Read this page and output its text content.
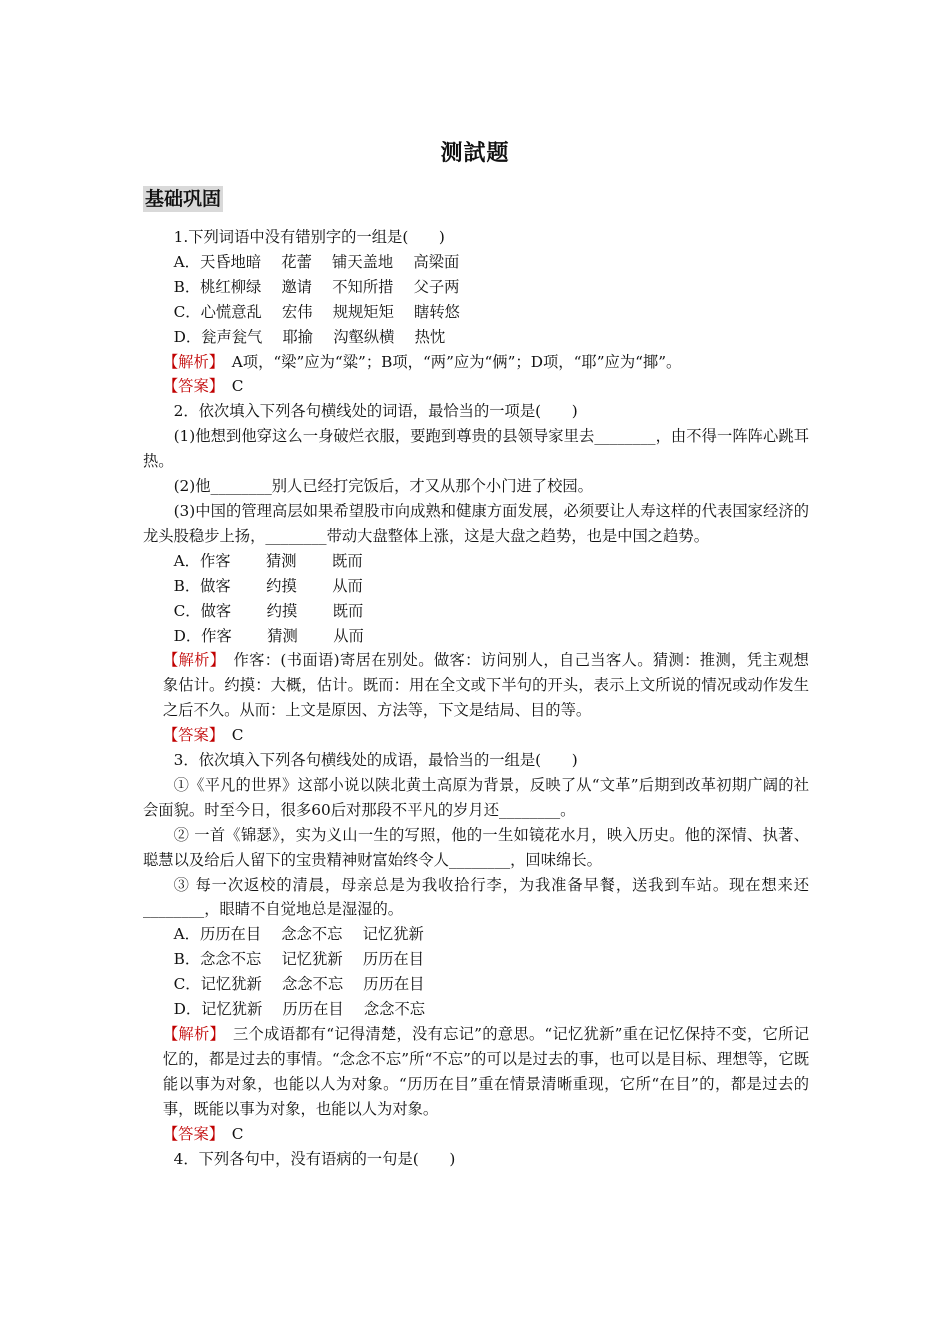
测試题
基础巩固

1.下列词语中没有错别字的一组是(　　)

A．天昏地暗　 花蕾　 铺天盖地　 高梁面

B．桃红柳绿　 邀请　 不知所措　 父子两

C．心慌意乱　 宏伟　 规规矩矩　 瞎转悠

D．瓮声瓮气　 耶揄　 沟壑纵横　 热忱

【解析】　A项，“梁”应为“粱”；B项，“两”应为“俩”；D项，“耶”应为“揶”。

【答案】　C

2．依次填入下列各句横线处的词语，最恰当的一项是(　　)

(1)他想到他穿这么一身破烂衣服，要跑到尊贵的县领导家里去________，由不得一阵阵心跳耳热。

(2)他________别人已经打完饭后，才又从那个小门进了校园。

(3)中国的管理高层如果希望股市向成熟和健康方面发展，必须要让人寿这样的代表国家经济的龙头股稳步上扬，________带动大盘整体上涨，这是大盘之趋势，也是中国之趋势。

A．作客　　 猜测　　 既而

B．做客　　 约摸　　 从而

C．做客　　 约摸　　 既而

D．作客　　 猜测　　 从而

【解析】　作客：(书面语)寄居在别处。做客：访问别人，自己当客人。猜测：推测，凭主观想象估计。约摸：大概，估计。既而：用在全文或下半句的开头，表示上文所说的情况或动作发生之后不久。从而：上文是原因、方法等，下文是结局、目的等。

【答案】　C

3．依次填入下列各句横线处的成语，最恰当的一组是(　　)

①《平凡的世界》这部小说以陕北黄土高原为背景，反映了从“文革”后期到改革初期广阔的社会面貌。时至今日，很多60后对那段不平凡的岁月还________。

② 一首《锦瑟》，实为义山一生的写照，他的一生如镜花水月，映入历史。他的深情、执著、聪慧以及给后人留下的宝贵精神财富始终令人________，回味绵长。

③ 每一次返校的清晨，母亲总是为我收拾行李，为我准备早餐，送我到车站。现在想来还________，眼睛不自觉地总是湿湿的。

A．历历在目　 念念不忘　 记忆犹新

B．念念不忘　 记忆犹新　 历历在目

C．记忆犹新　 念念不忘　 历历在目

D．记忆犹新　 历历在目　 念念不忘

【解析】　三个成语都有“记得清楚，没有忘记”的意思。“记忆犹新”重在记忆保持不变，它所记忆的，都是过去的事情。“念念不忘”所“不忘”的可以是过去的事，也可以是目标、理想等，它既能以事为对象，也能以人为对象。“历历在目”重在情景清晰重现，它所“在目”的，都是过去的事，既能以事为对象，也能以人为对象。

【答案】　C

4．下列各句中，没有语病的一句是(　　)
